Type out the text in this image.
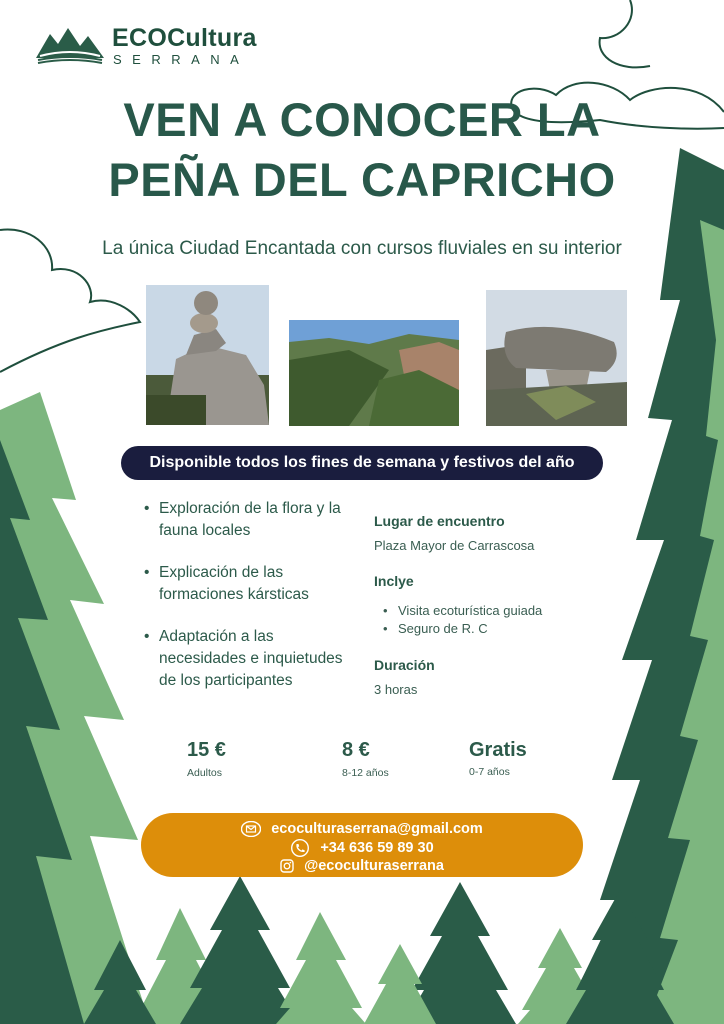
ECOCultura
SERRANA
VEN A CONOCER LA
PEÑA DEL CAPRICHO
La única Ciudad Encantada con cursos fluviales en su interior
Disponible todos los fines de semana y festivos del año
• Exploración de la flora y la fauna locales
• Explicación de las formaciones kársticas
• Adaptación a las necesidades e inquietudes de los participantes
Lugar de encuentro
Plaza Mayor de Carrascosa
Inclye
• Visita ecoturística guiada
• Seguro de R. C
Duración
3 horas
15 €
Adultos
8 €
8-12 años
Gratis
0-7 años
ecoculturaserrana@gmail.com
+34 636 59 89 30
@ecoculturaserrana
